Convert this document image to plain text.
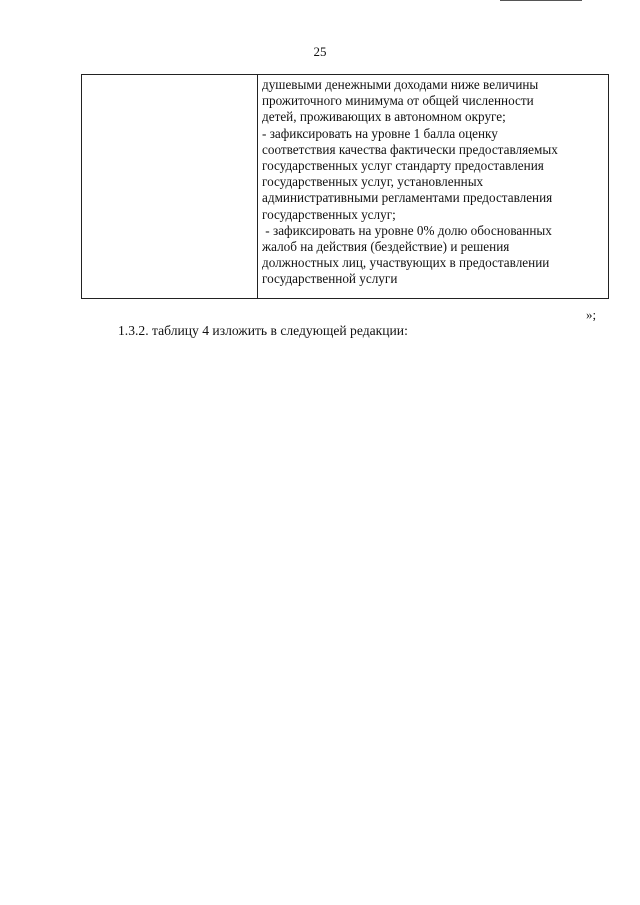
25

душевыми денежными доходами ниже величины
прожиточного минимума от общей численности
детей, проживающих в автономном округе;
- зафиксировать на уровне 1 балла оценку
соответствия качества фактически предоставляемых
государственных услуг стандарту предоставления
государственных услуг, установленных
административными регламентами предоставления
государственных услуг;
- зафиксировать на уровне 0% долю обоснованных
жалоб на действия (бездействие) и решения
должностных лиц, участвующих в предоставлении
государственной услуги
»;
1.3.2. таблицу 4 изложить в следующей редакции:
